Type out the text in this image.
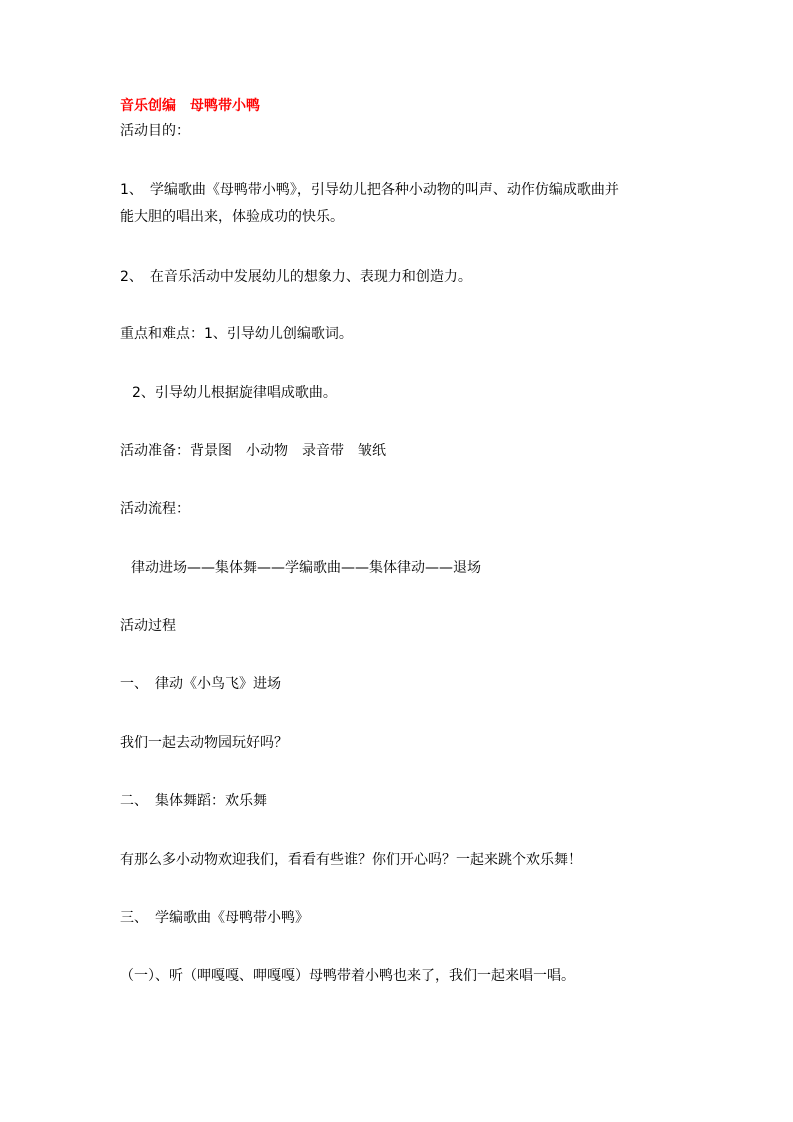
音乐创编　母鸭带小鸭
活动目的：
1、　学编歌曲《母鸭带小鸭》，引导幼儿把各种小动物的叫声、动作仿编成歌曲并
能大胆的唱出来，体验成功的快乐。
2、　在音乐活动中发展幼儿的想象力、表现力和创造力。
重点和难点：1、引导幼儿创编歌词。
2、引导幼儿根据旋律唱成歌曲。
活动准备：背景图　小动物　录音带　皱纸
活动流程：
律动进场——集体舞——学编歌曲——集体律动——退场
活动过程
一、　律动《小鸟飞》进场
我们一起去动物园玩好吗？
二、　集体舞蹈：欢乐舞
有那么多小动物欢迎我们，看看有些谁？你们开心吗？一起来跳个欢乐舞！
三、　学编歌曲《母鸭带小鸭》
（一）、听（呷嘎嘎、呷嘎嘎）母鸭带着小鸭也来了，我们一起来唱一唱。
